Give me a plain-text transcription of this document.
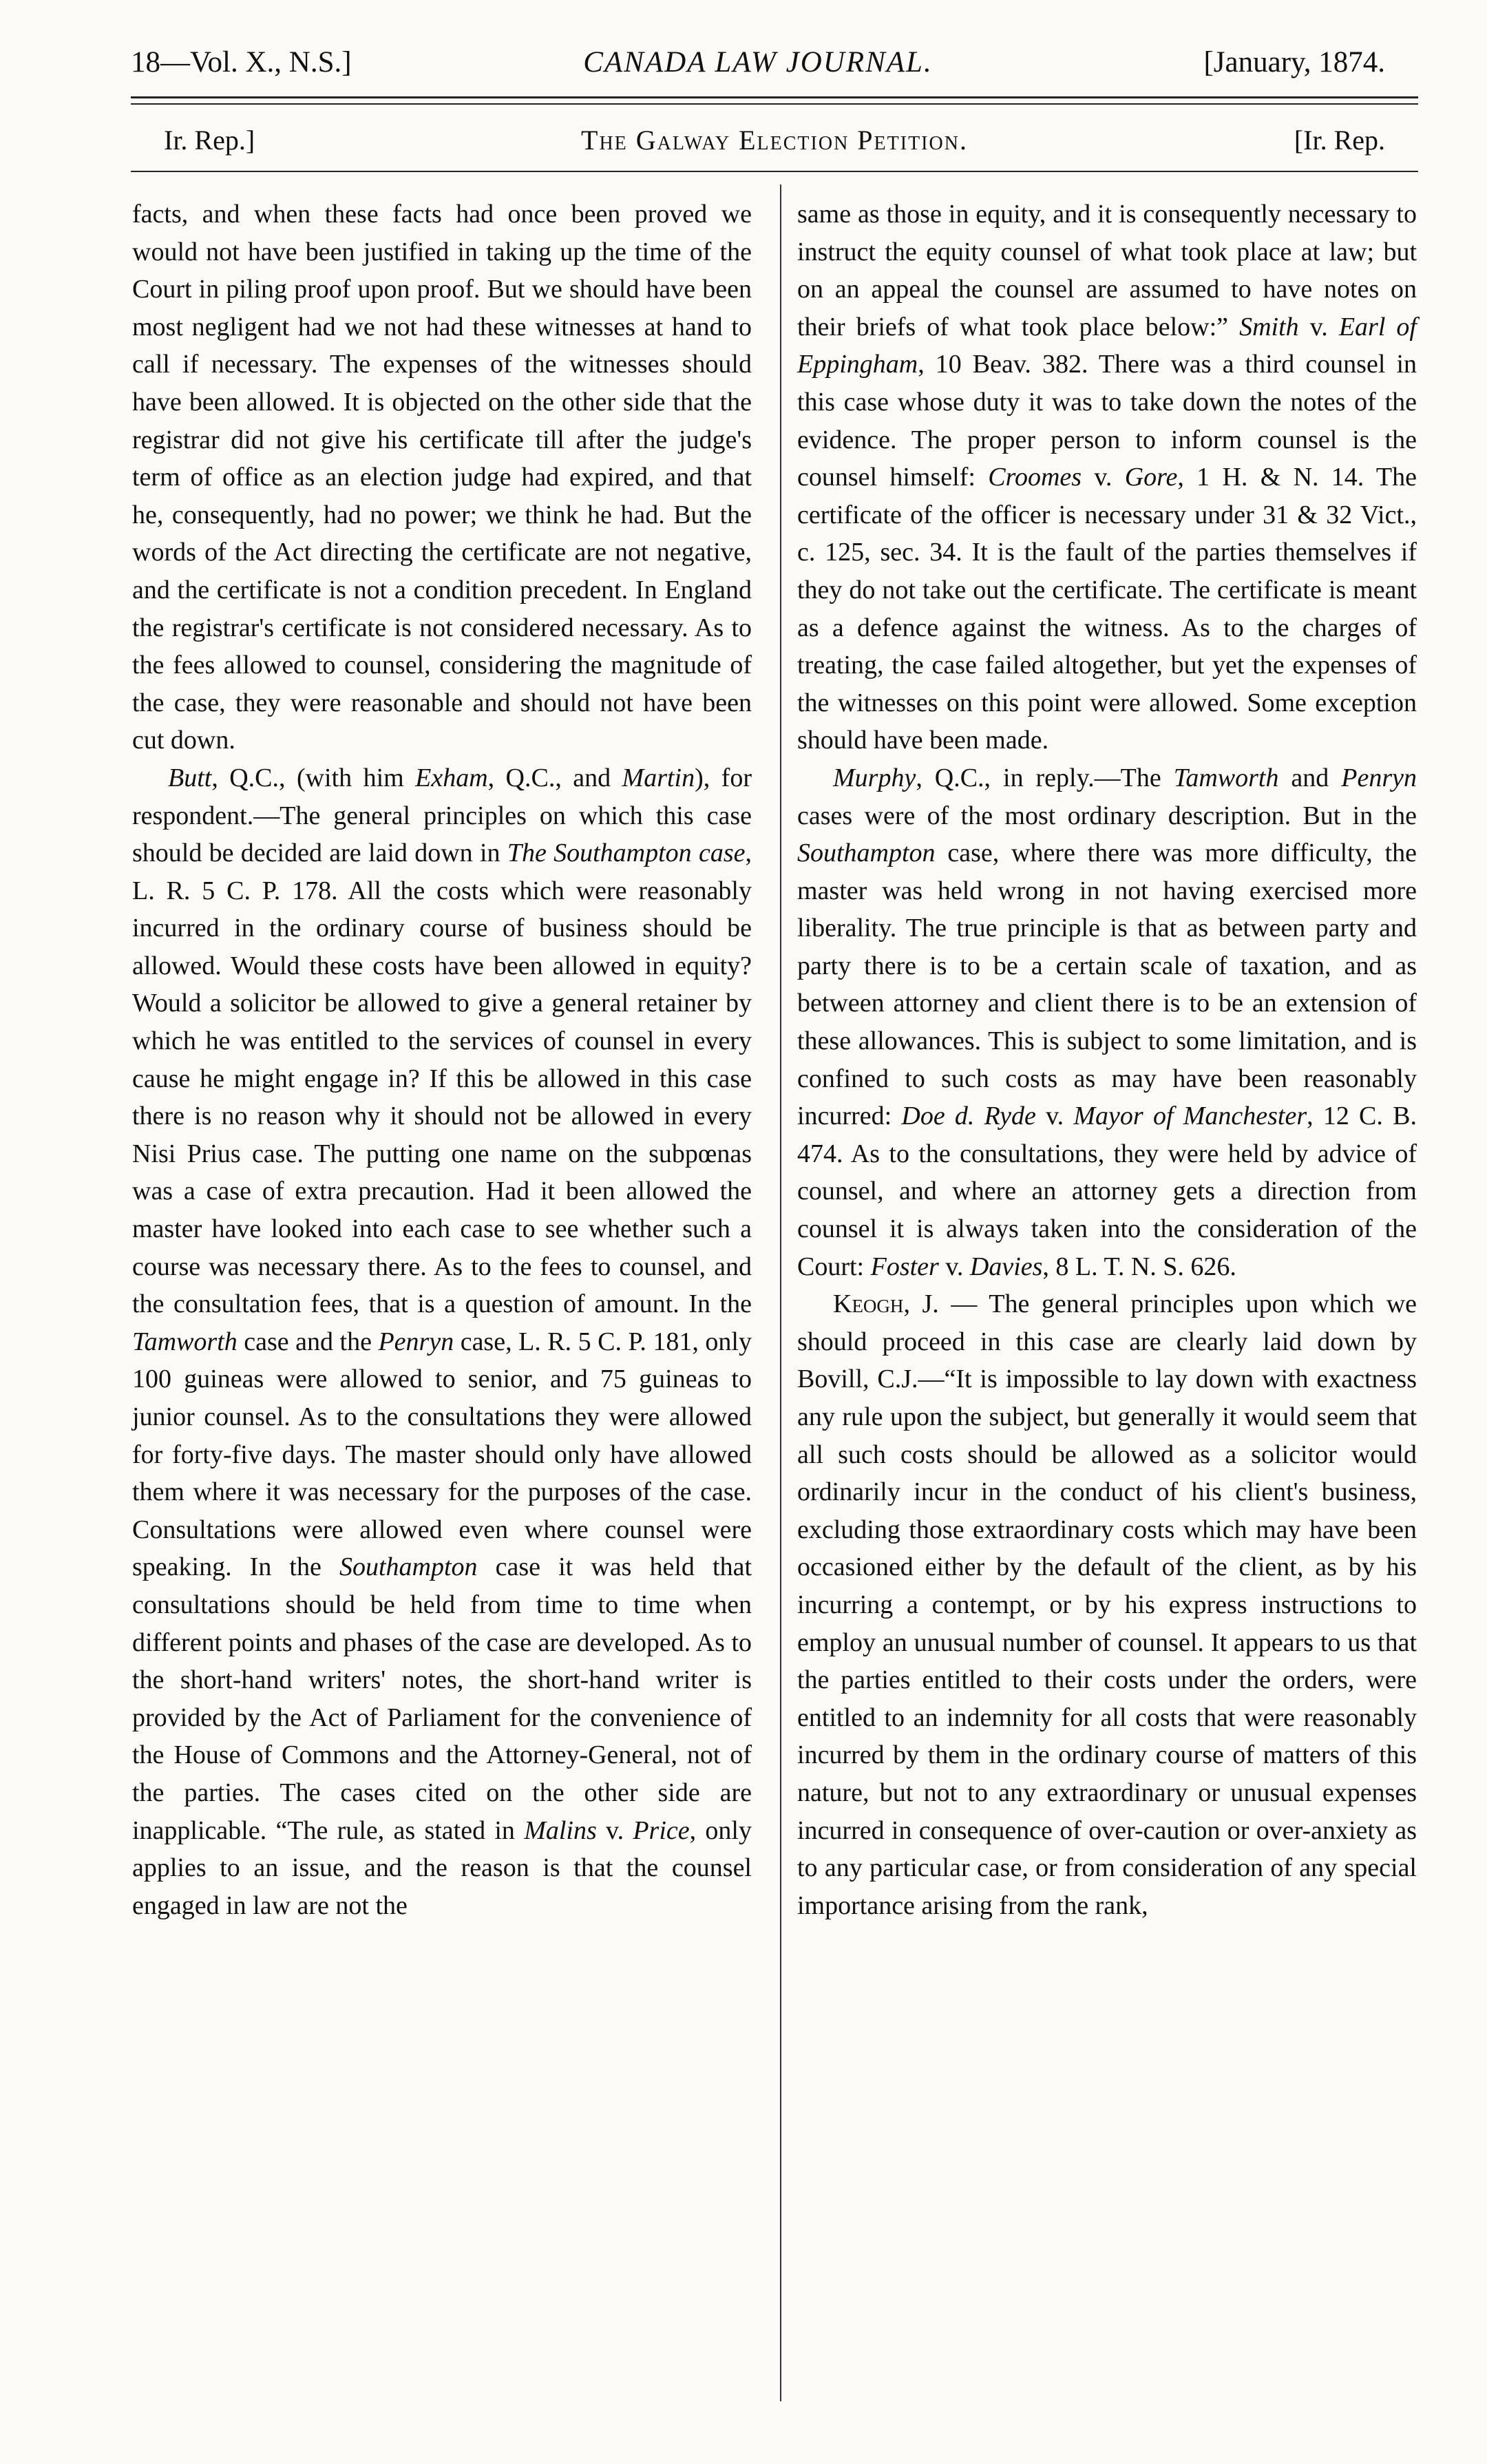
18—Vol. X., N.S.]	CANADA LAW JOURNAL.	[January, 1874.
Ir. Rep.]	The Galway Election Petition.	[Ir. Rep.

facts, and when these facts had once been proved we would not have been justified in taking up the time of the Court in piling proof upon proof. But we should have been most negligent had we not had these witnesses at hand to call if necessary. The expenses of the witnesses should have been allowed. It is objected on the other side that the registrar did not give his certificate till after the judge's term of office as an election judge had expired, and that he, consequently, had no power; we think he had. But the words of the Act directing the certificate are not negative, and the certificate is not a condition precedent. In England the registrar's certificate is not considered necessary. As to the fees allowed to counsel, considering the magnitude of the case, they were reasonable and should not have been cut down.

Butt, Q.C., (with him Exham, Q.C., and Martin), for respondent.—The general principles on which this case should be decided are laid down in The Southampton case, L. R. 5 C. P. 178. All the costs which were reasonably incurred in the ordinary course of business should be allowed. Would these costs have been allowed in equity? Would a solicitor be allowed to give a general retainer by which he was entitled to the services of counsel in every cause he might engage in? If this be allowed in this case there is no reason why it should not be allowed in every Nisi Prius case. The putting one name on the subpœnas was a case of extra precaution. Had it been allowed the master have looked into each case to see whether such a course was necessary there. As to the fees to counsel, and the consultation fees, that is a question of amount. In the Tamworth case and the Penryn case, L. R. 5 C. P. 181, only 100 guineas were allowed to senior, and 75 guineas to junior counsel. As to the consultations they were allowed for forty-five days. The master should only have allowed them where it was necessary for the purposes of the case. Consultations were allowed even where counsel were speaking. In the Southampton case it was held that consultations should be held from time to time when different points and phases of the case are developed. As to the short-hand writers' notes, the short-hand writer is provided by the Act of Parliament for the convenience of the House of Commons and the Attorney-General, not of the parties. The cases cited on the other side are inapplicable. “The rule, as stated in Malins v. Price, only applies to an issue, and the reason is that the counsel engaged in law are not the

same as those in equity, and it is consequently necessary to instruct the equity counsel of what took place at law; but on an appeal the counsel are assumed to have notes on their briefs of what took place below:” Smith v. Earl of Eppingham, 10 Beav. 382. There was a third counsel in this case whose duty it was to take down the notes of the evidence. The proper person to inform counsel is the counsel himself: Croomes v. Gore, 1 H. & N. 14. The certificate of the officer is necessary under 31 & 32 Vict., c. 125, sec. 34. It is the fault of the parties themselves if they do not take out the certificate. The certificate is meant as a defence against the witness. As to the charges of treating, the case failed altogether, but yet the expenses of the witnesses on this point were allowed. Some exception should have been made.

Murphy, Q.C., in reply.—The Tamworth and Penryn cases were of the most ordinary description. But in the Southampton case, where there was more difficulty, the master was held wrong in not having exercised more liberality. The true principle is that as between party and party there is to be a certain scale of taxation, and as between attorney and client there is to be an extension of these allowances. This is subject to some limitation, and is confined to such costs as may have been reasonably incurred: Doe d. Ryde v. Mayor of Manchester, 12 C. B. 474. As to the consultations, they were held by advice of counsel, and where an attorney gets a direction from counsel it is always taken into the consideration of the Court: Foster v. Davies, 8 L. T. N. S. 626.

Keogh, J. — The general principles upon which we should proceed in this case are clearly laid down by Bovill, C.J.—“It is impossible to lay down with exactness any rule upon the subject, but generally it would seem that all such costs should be allowed as a solicitor would ordinarily incur in the conduct of his client's business, excluding those extraordinary costs which may have been occasioned either by the default of the client, as by his incurring a contempt, or by his express instructions to employ an unusual number of counsel. It appears to us that the parties entitled to their costs under the orders, were entitled to an indemnity for all costs that were reasonably incurred by them in the ordinary course of matters of this nature, but not to any extraordinary or unusual expenses incurred in consequence of over-caution or over-anxiety as to any particular case, or from consideration of any special importance arising from the rank,
